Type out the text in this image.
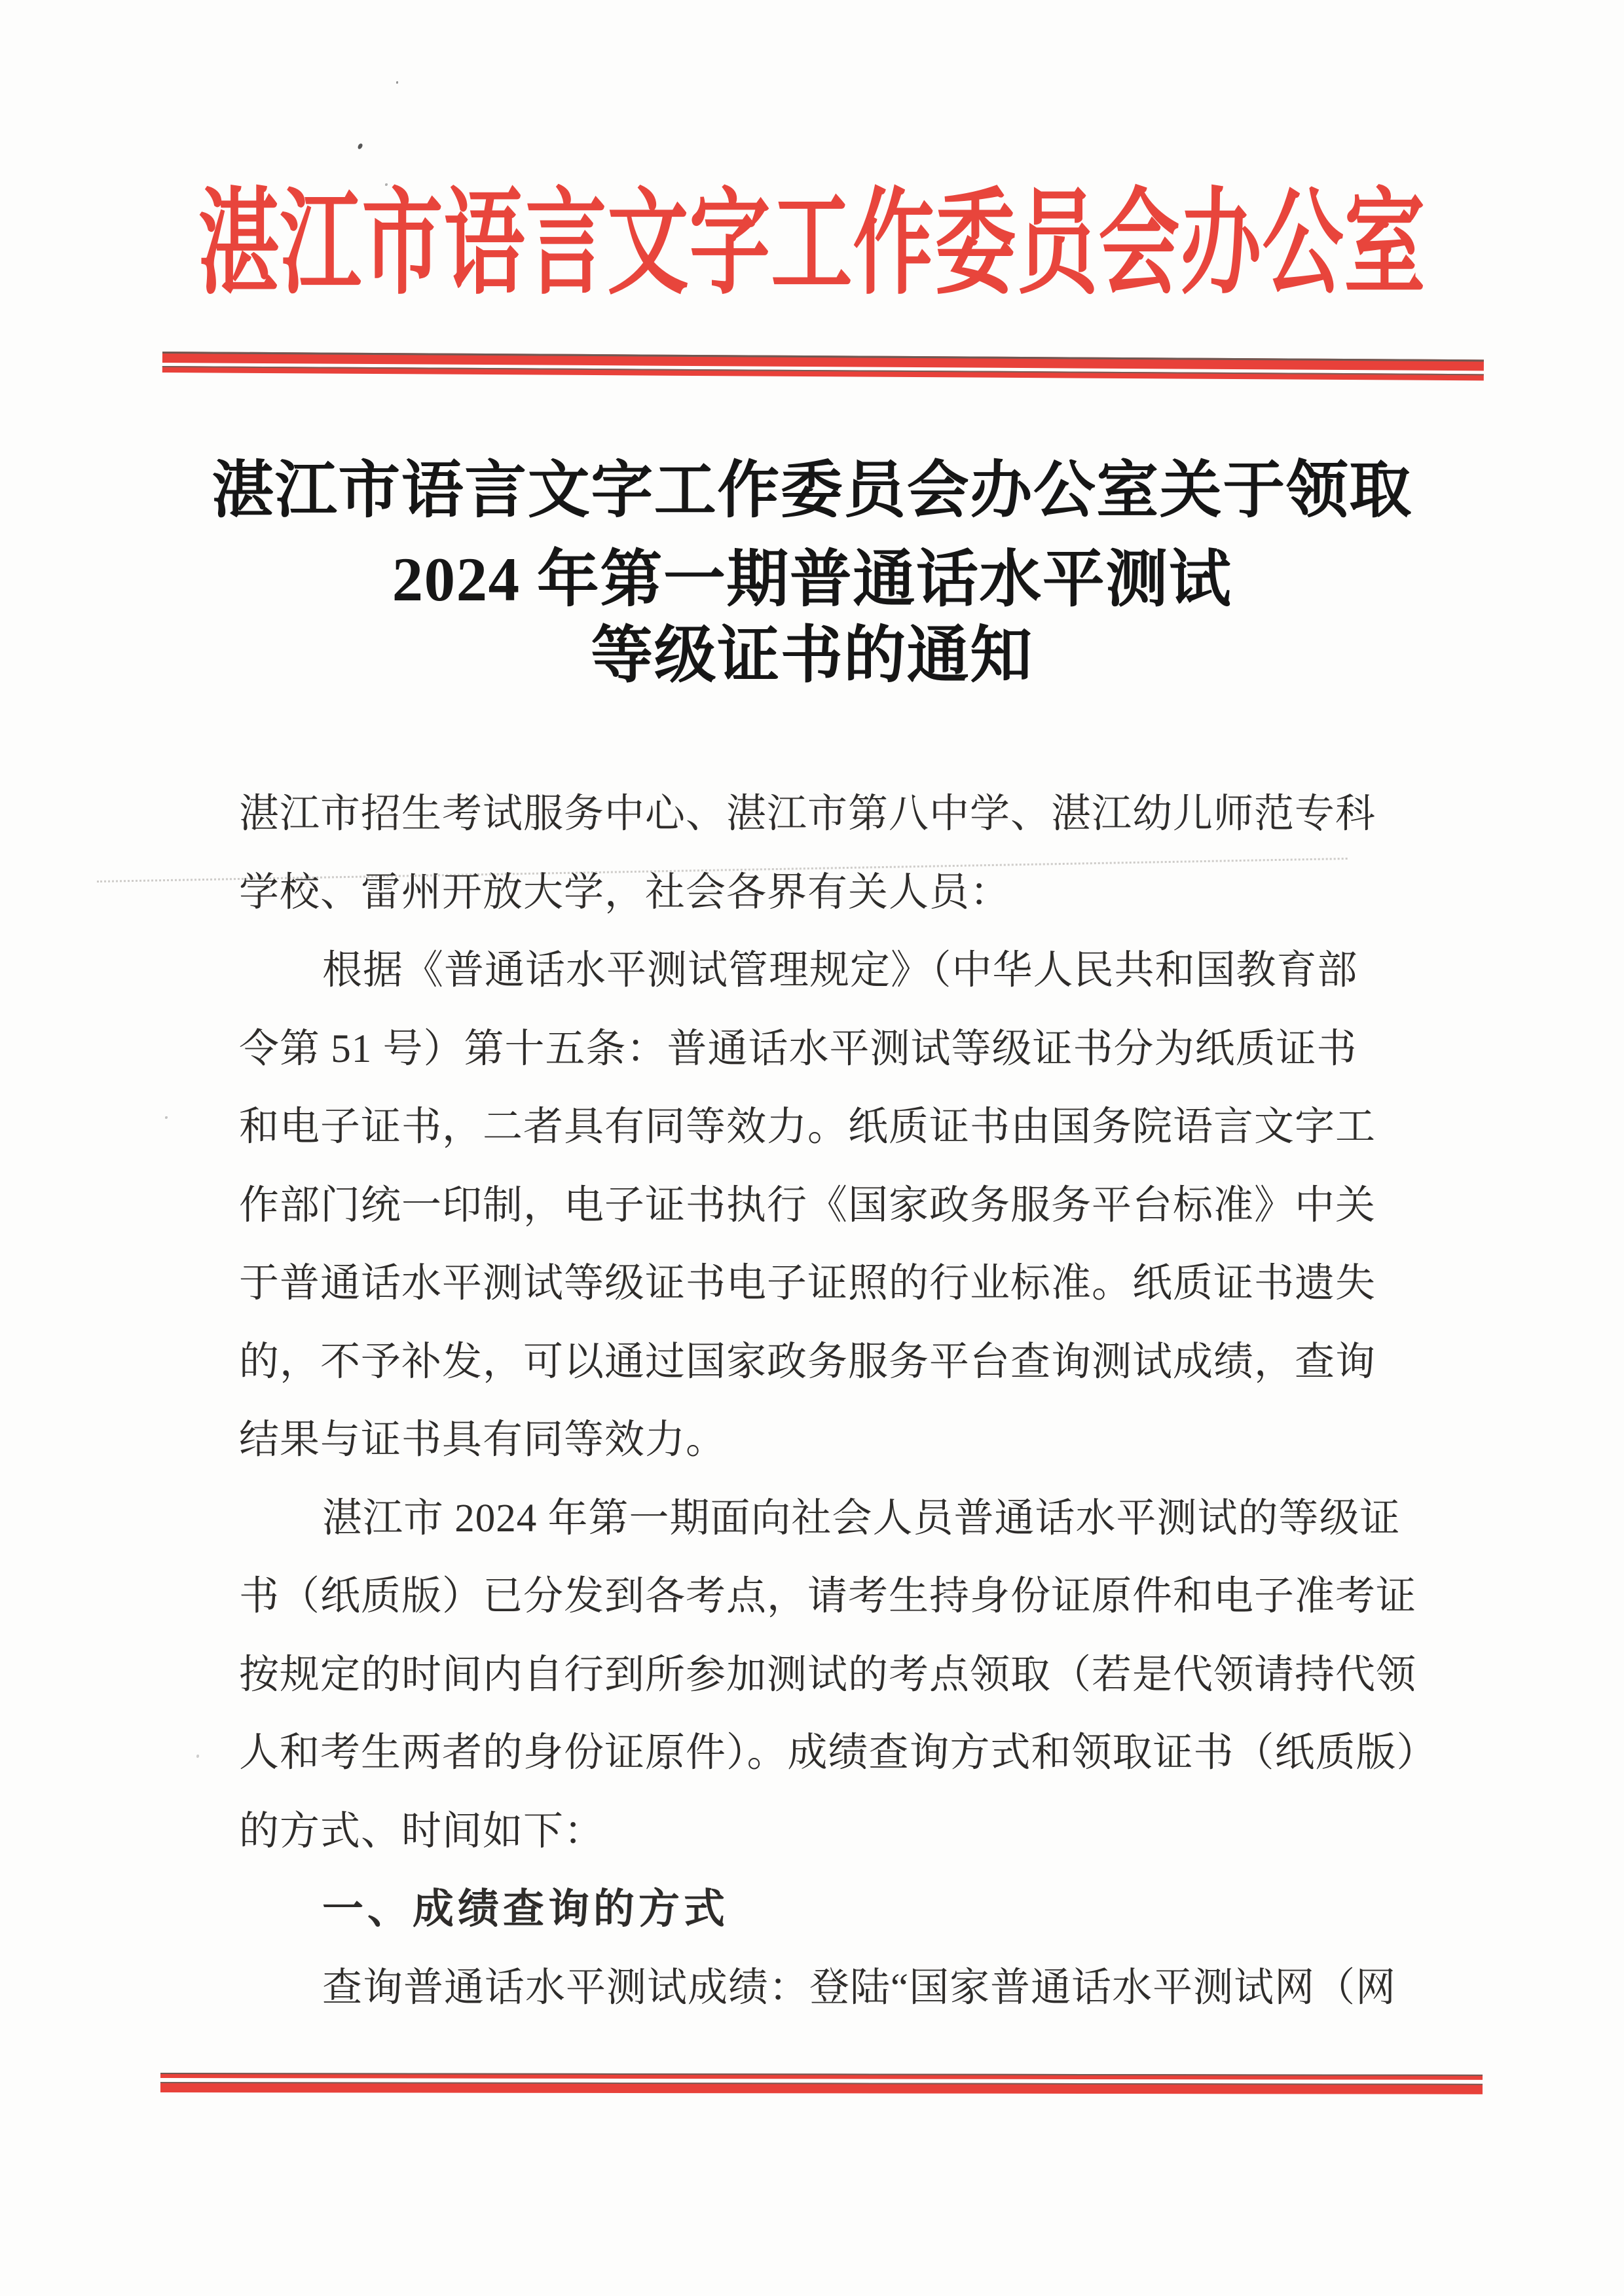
湛江市语言文字工作委员会办公室
湛江市语言文字工作委员会办公室关于领取
2024 年第一期普通话水平测试
等级证书的通知
湛江市招生考试服务中心、湛江市第八中学、湛江幼儿师范专科
学校、雷州开放大学，社会各界有关人员：
根据《普通话水平测试管理规定》（中华人民共和国教育部
令第 51 号）第十五条：普通话水平测试等级证书分为纸质证书
和电子证书，二者具有同等效力。纸质证书由国务院语言文字工
作部门统一印制，电子证书执行《国家政务服务平台标准》中关
于普通话水平测试等级证书电子证照的行业标准。纸质证书遗失
的，不予补发，可以通过国家政务服务平台查询测试成绩，查询
结果与证书具有同等效力。
湛江市 2024 年第一期面向社会人员普通话水平测试的等级证
书（纸质版）已分发到各考点，请考生持身份证原件和电子准考证
按规定的时间内自行到所参加测试的考点领取（若是代领请持代领
人和考生两者的身份证原件）。成绩查询方式和领取证书（纸质版）
的方式、时间如下：
一、成绩查询的方式
查询普通话水平测试成绩：登陆“国家普通话水平测试网（网
